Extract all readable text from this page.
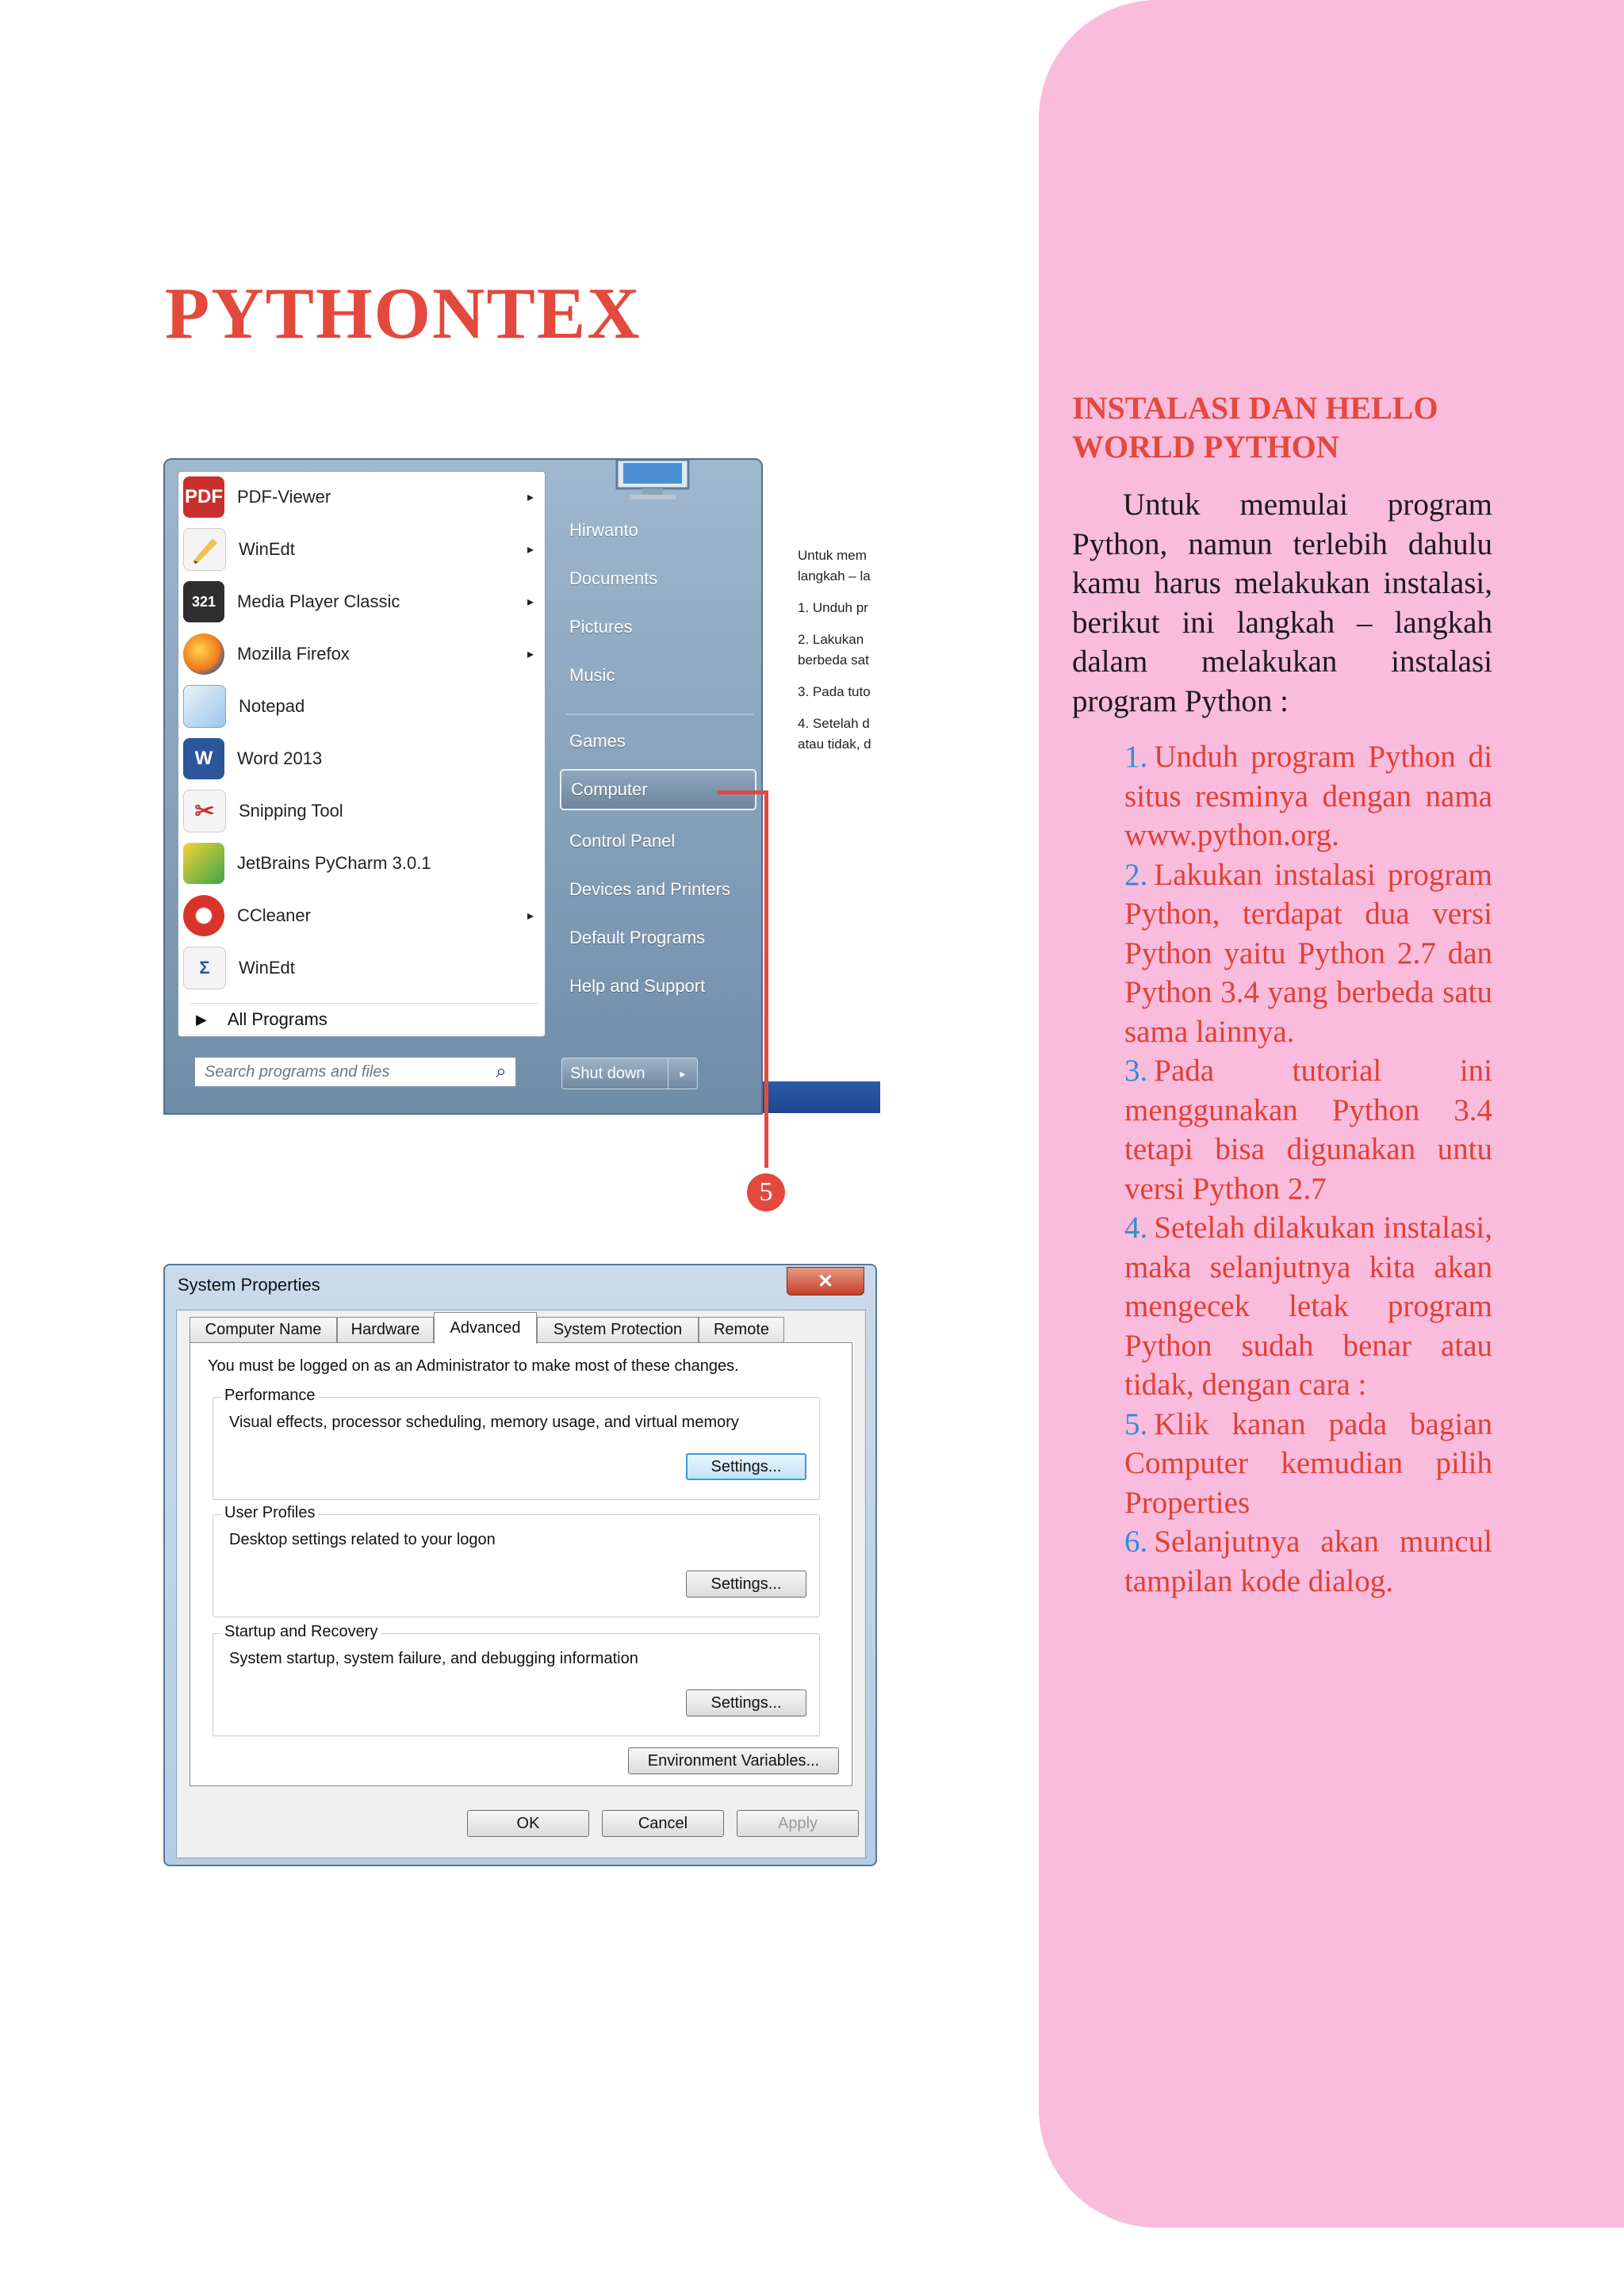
INSTALASI DAN HELLO WORLD PYTHON

Untuk memulai program Python, namun terlebih dahulu kamu harus melakukan instalasi, berikut ini langkah – langkah dalam melakukan instalasi program Python :

1. Unduh program Python di situs resminya dengan nama www.python.org.
2. Lakukan instalasi program Python, terdapat dua versi Python yaitu Python 2.7 dan Python 3.4 yang berbeda satu sama lainnya.
3. Pada tutorial ini menggunakan Python 3.4 tetapi bisa digunakan untu versi Python 2.7
4. Setelah dilakukan instalasi, maka selanjutnya kita akan mengecek letak program Python sudah benar atau tidak, dengan cara :
5. Klik kanan pada bagian Computer kemudian pilih Properties
6. Selanjutnya akan muncul tampilan kode dialog.
PYTHONTEX

Untuk mem

langkah – la

1. Unduh pr

2. Lakukan

berbeda sat

3. Pada tuto

4. Setelah d

atau tidak, d

PDF PDF-Viewer	▸
WinEdt	▸
321	Media Player Classic	▸
Mozilla Firefox	▸
Notepad
W	Word 2013
✂	Snipping Tool
JetBrains PyCharm 3.0.1
CCleaner	▸
Σ	WinEdt
▶ All Programs
Search programs and files
⌕
Hirwanto
Documents
Pictures
Music
Games
Computer
Control Panel
Devices and Printers
Default Programs
Help and Support
Shut down	▸
5
System Properties	✕
Computer Name	Hardware	Advanced	System Protection	Remote
You must be logged on as an Administrator to make most of these changes.
Performance
Visual effects, processor scheduling, memory usage, and virtual memory
Settings...
User Profiles
Desktop settings related to your logon
Settings...
Startup and Recovery
System startup, system failure, and debugging information
Settings...
Environment Variables...
OK	Cancel	Apply
